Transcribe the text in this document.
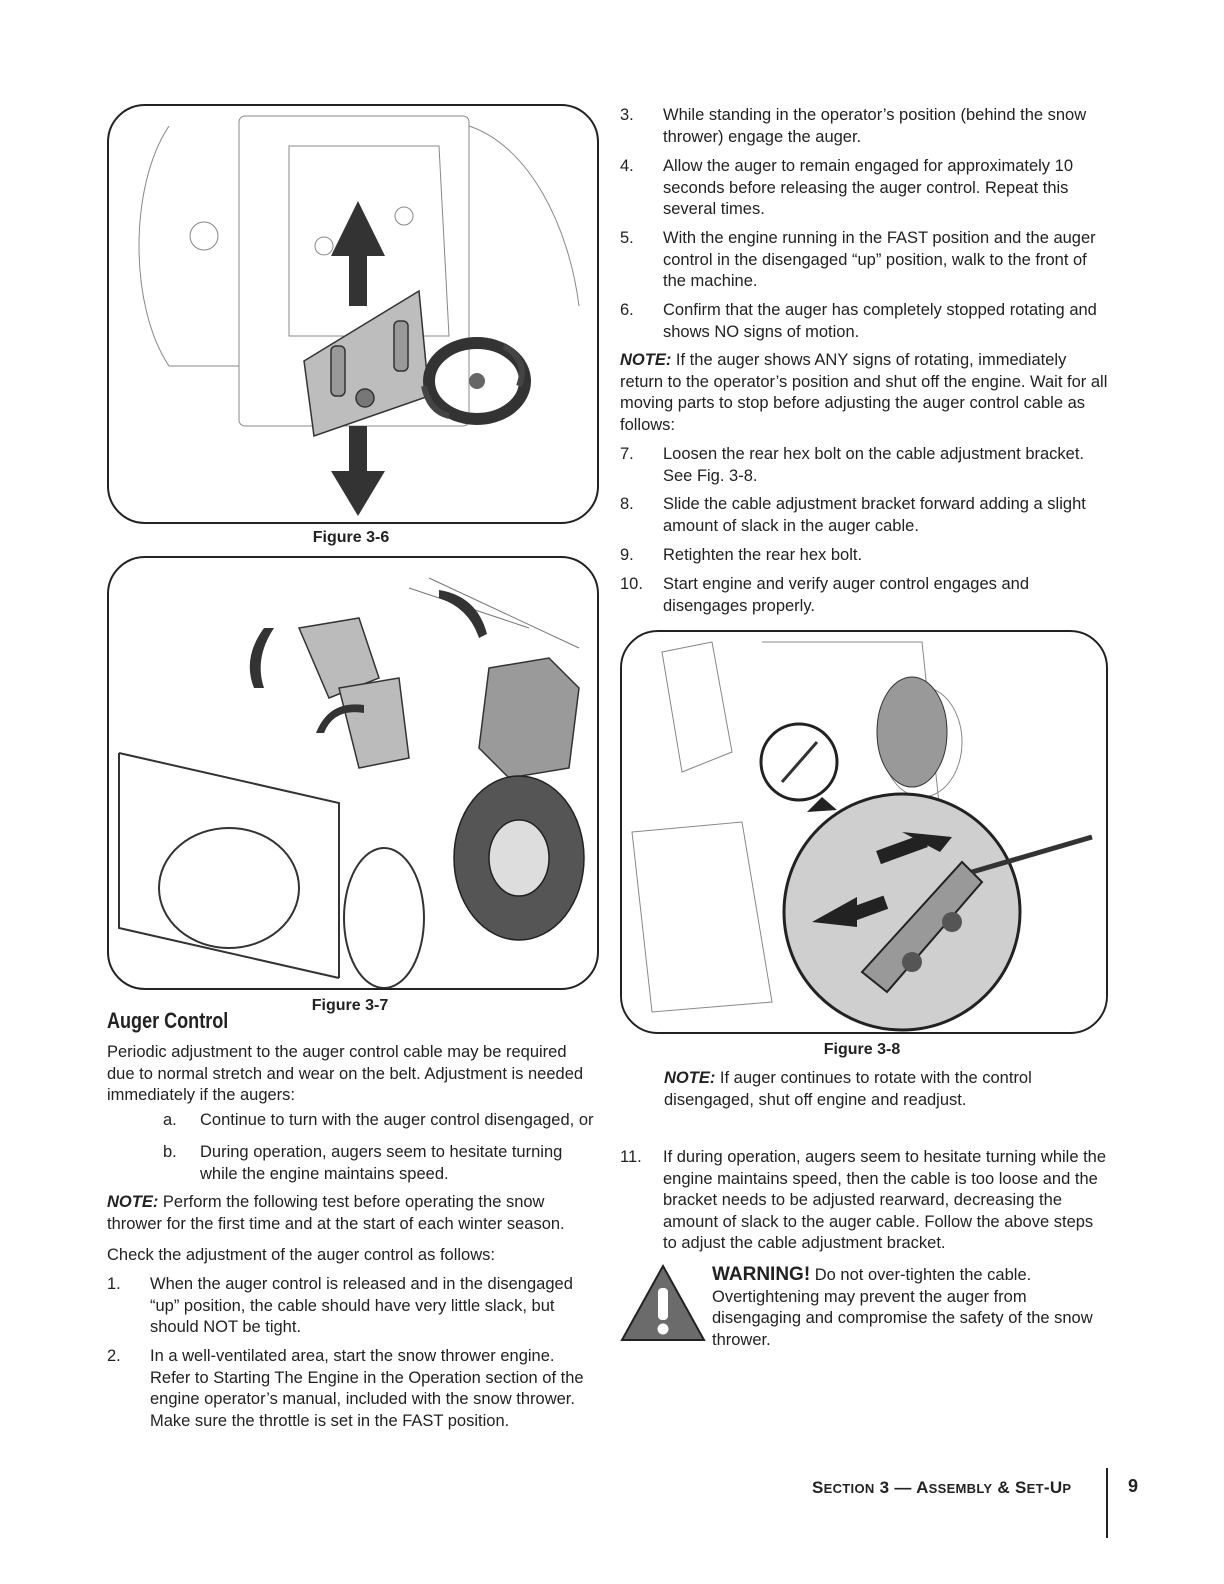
Figure 3-6
Figure 3-7
Auger Control
Periodic adjustment to the auger control cable may be required due to normal stretch and wear on the belt. Adjustment is needed immediately if the augers:
a. Continue to turn with the auger control disengaged, or
b. During operation, augers seem to hesitate turning while the engine maintains speed.
NOTE: Perform the following test before operating the snow thrower for the first time and at the start of each winter season.
Check the adjustment of the auger control as follows:
1. When the auger control is released and in the disengaged “up” position, the cable should have very little slack, but should NOT be tight.
2. In a well-ventilated area, start the snow thrower engine. Refer to Starting The Engine in the Operation section of the engine operator’s manual, included with the snow thrower. Make sure the throttle is set in the FAST position.
3. While standing in the operator’s position (behind the snow thrower) engage the auger.
4. Allow the auger to remain engaged for approximately 10 seconds before releasing the auger control. Repeat this several times.
5. With the engine running in the FAST position and the auger control in the disengaged “up” position, walk to the front of the machine.
6. Confirm that the auger has completely stopped rotating and shows NO signs of motion.
NOTE: If the auger shows ANY signs of rotating, immediately return to the operator’s position and shut off the engine. Wait for all moving parts to stop before adjusting the auger control cable as follows:
7. Loosen the rear hex bolt on the cable adjustment bracket. See Fig. 3-8.
8. Slide the cable adjustment bracket forward adding a slight amount of slack in the auger cable.
9. Retighten the rear hex bolt.
10. Start engine and verify auger control engages and disengages properly.
Figure 3-8
NOTE: If auger continues to rotate with the control disengaged, shut off engine and readjust.
11. If during operation, augers seem to hesitate turning while the engine maintains speed, then the cable is too loose and the bracket needs to be adjusted rearward, decreasing the amount of slack to the auger cable. Follow the above steps to adjust the cable adjustment bracket.
WARNING! Do not over-tighten the cable. Overtightening may prevent the auger from disengaging and compromise the safety of the snow thrower.
SECTION 3 — ASSEMBLY & SET-UP	9
